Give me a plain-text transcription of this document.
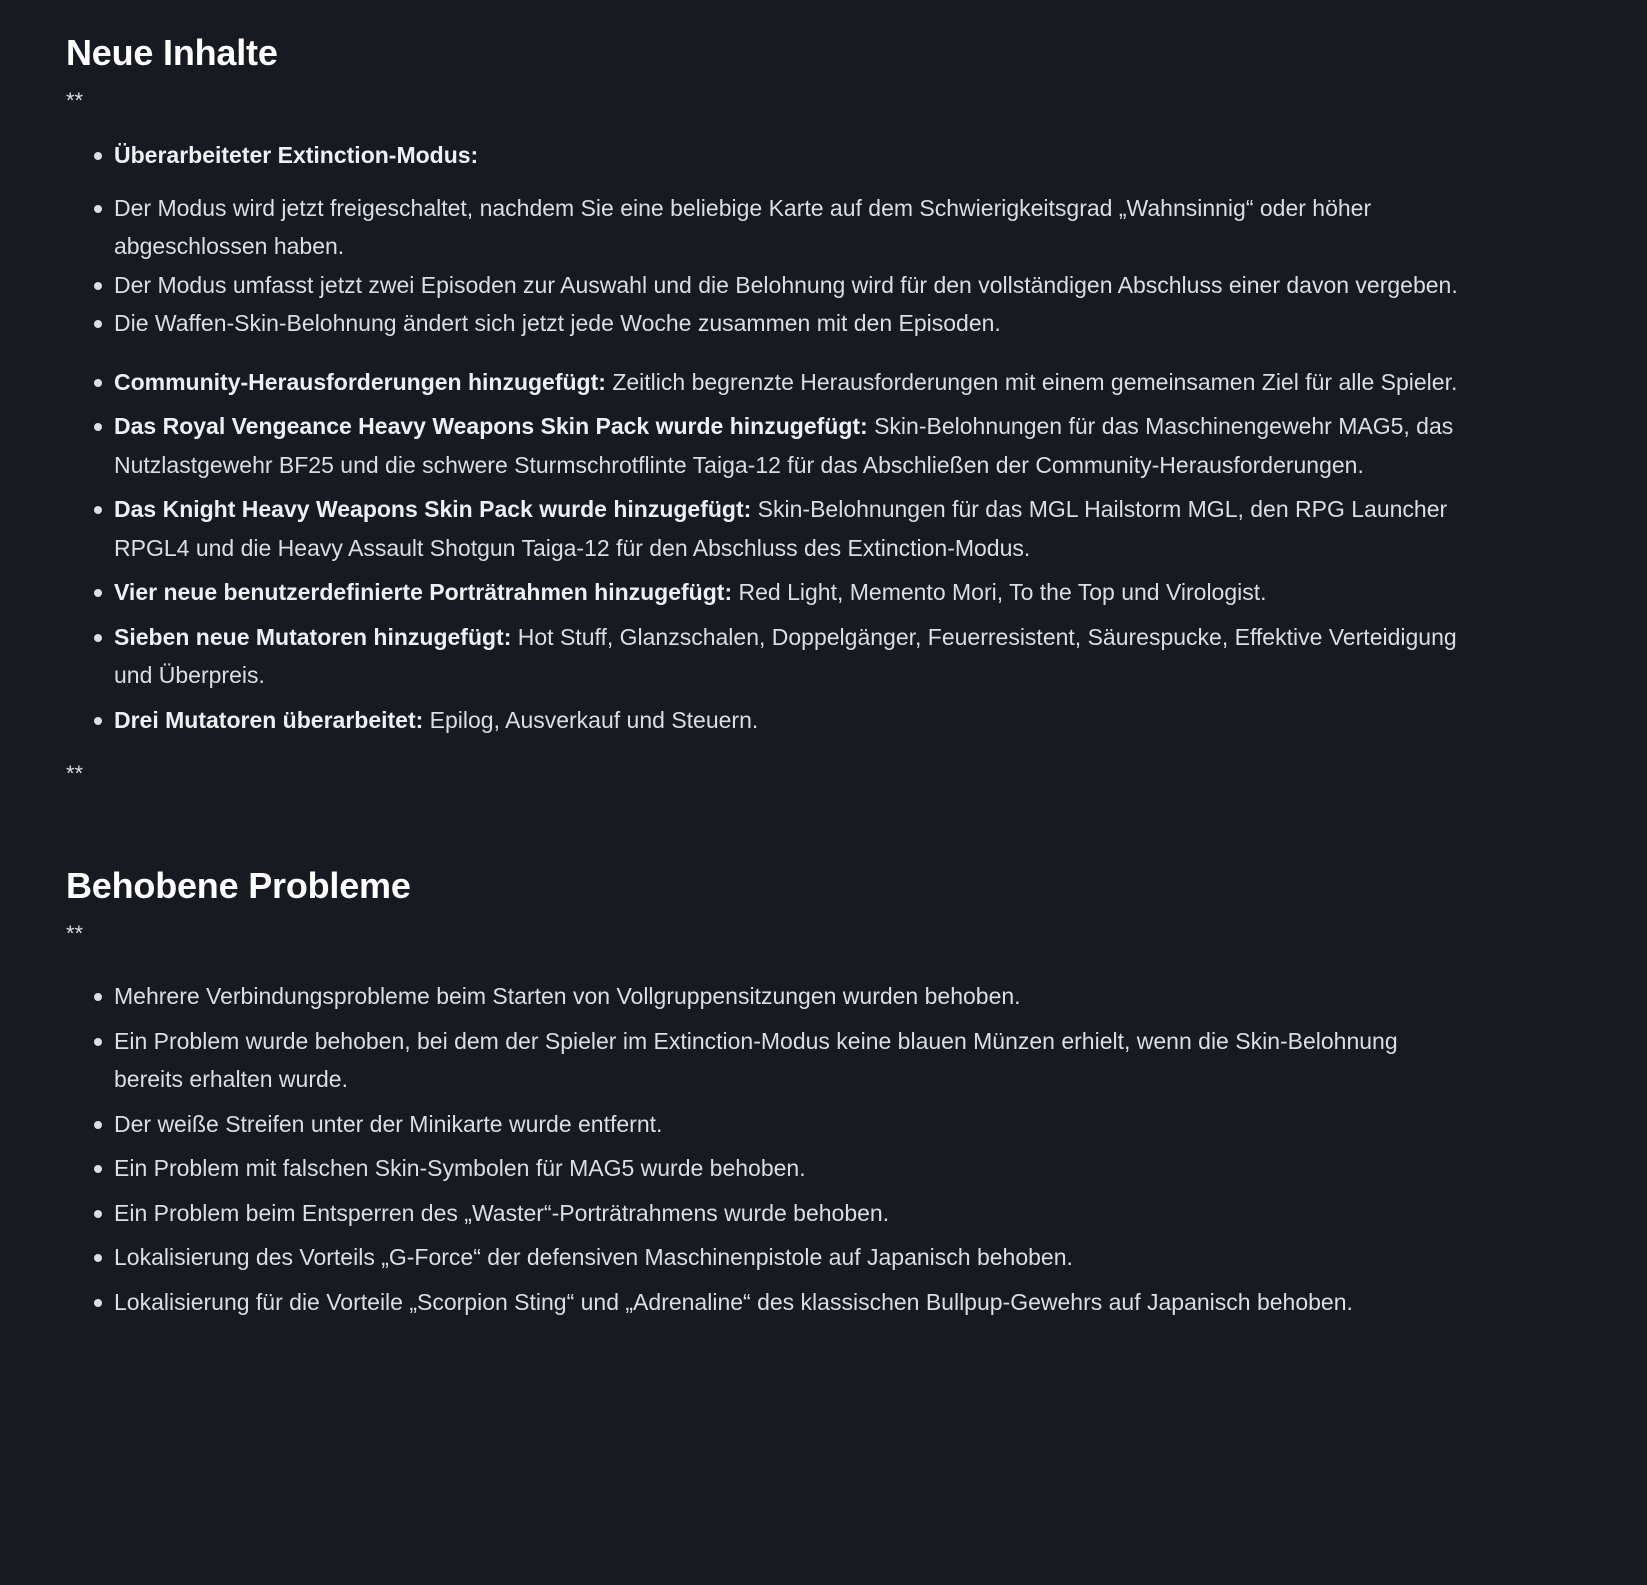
Neue Inhalte
**
Überarbeiteter Extinction-Modus:
Der Modus wird jetzt freigeschaltet, nachdem Sie eine beliebige Karte auf dem Schwierigkeitsgrad „Wahnsinnig“ oder höher abgeschlossen haben.
Der Modus umfasst jetzt zwei Episoden zur Auswahl und die Belohnung wird für den vollständigen Abschluss einer davon vergeben.
Die Waffen-Skin-Belohnung ändert sich jetzt jede Woche zusammen mit den Episoden.
Community-Herausforderungen hinzugefügt: Zeitlich begrenzte Herausforderungen mit einem gemeinsamen Ziel für alle Spieler.
Das Royal Vengeance Heavy Weapons Skin Pack wurde hinzugefügt: Skin-Belohnungen für das Maschinengewehr MAG5, das Nutzlastgewehr BF25 und die schwere Sturmschrotflinte Taiga-12 für das Abschließen der Community-Herausforderungen.
Das Knight Heavy Weapons Skin Pack wurde hinzugefügt: Skin-Belohnungen für das MGL Hailstorm MGL, den RPG Launcher RPGL4 und die Heavy Assault Shotgun Taiga-12 für den Abschluss des Extinction-Modus.
Vier neue benutzerdefinierte Porträtrahmen hinzugefügt: Red Light, Memento Mori, To the Top und Virologist.
Sieben neue Mutatoren hinzugefügt: Hot Stuff, Glanzschalen, Doppelgänger, Feuerresistent, Säurespucke, Effektive Verteidigung und Überpreis.
Drei Mutatoren überarbeitet: Epilog, Ausverkauf und Steuern.
**
Behobene Probleme
**
Mehrere Verbindungsprobleme beim Starten von Vollgruppensitzungen wurden behoben.
Ein Problem wurde behoben, bei dem der Spieler im Extinction-Modus keine blauen Münzen erhielt, wenn die Skin-Belohnung bereits erhalten wurde.
Der weiße Streifen unter der Minikarte wurde entfernt.
Ein Problem mit falschen Skin-Symbolen für MAG5 wurde behoben.
Ein Problem beim Entsperren des „Waster“-Porträtrahmens wurde behoben.
Lokalisierung des Vorteils „G-Force“ der defensiven Maschinenpistole auf Japanisch behoben.
Lokalisierung für die Vorteile „Scorpion Sting“ und „Adrenaline“ des klassischen Bullpup-Gewehrs auf Japanisch behoben.
